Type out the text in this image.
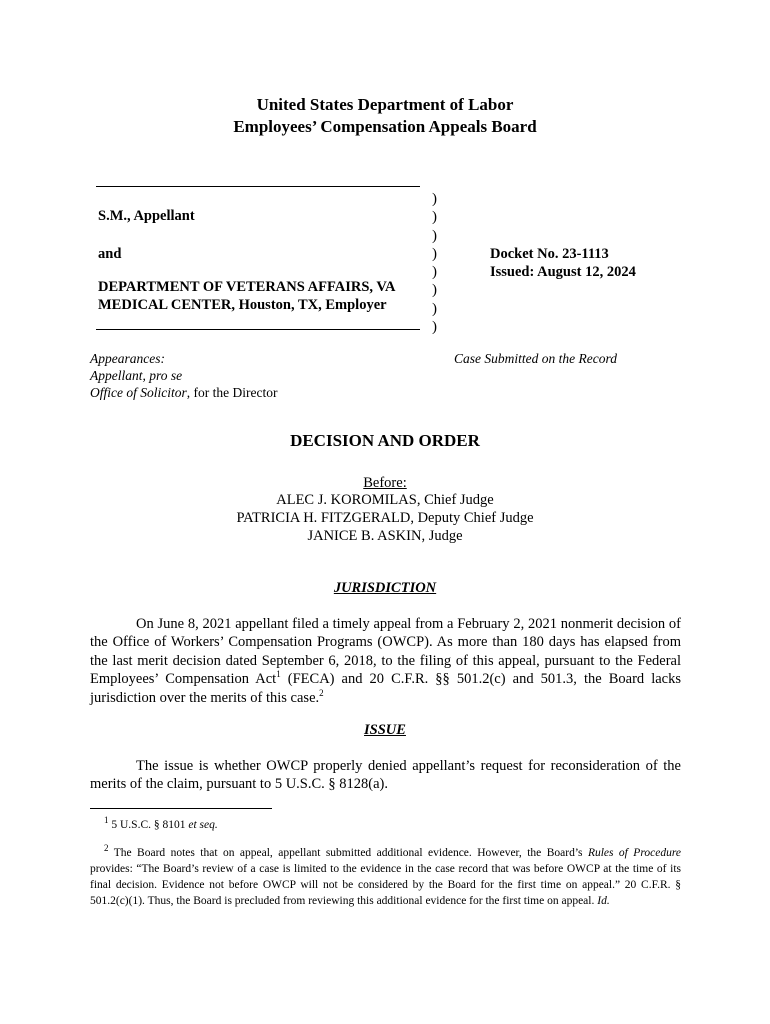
United States Department of Labor
Employees’ Compensation Appeals Board
S.M., Appellant
and
DEPARTMENT OF VETERANS AFFAIRS, VA
MEDICAL CENTER, Houston, TX, Employer
)
)
)
)
)
)
)
)
Docket No. 23-1113
Issued: August 12, 2024
Appearances:
Appellant, pro se
Office of Solicitor, for the Director
Case Submitted on the Record
DECISION AND ORDER
Before:
ALEC J. KOROMILAS, Chief Judge
PATRICIA H. FITZGERALD, Deputy Chief Judge
JANICE B. ASKIN, Judge
JURISDICTION
On June 8, 2021 appellant filed a timely appeal from a February 2, 2021 nonmerit decision of the Office of Workers’ Compensation Programs (OWCP). As more than 180 days has elapsed from the last merit decision dated September 6, 2018, to the filing of this appeal, pursuant to the Federal Employees’ Compensation Act$^1$ (FECA) and 20 C.F.R. §§ 501.2(c) and 501.3, the Board lacks jurisdiction over the merits of this case.$^2$
ISSUE
The issue is whether OWCP properly denied appellant’s request for reconsideration of the merits of the claim, pursuant to 5 U.S.C. § 8128(a).
$^1$ 5 U.S.C. § 8101 et seq.
$^2$ The Board notes that on appeal, appellant submitted additional evidence. However, the Board’s Rules of Procedure provides: “The Board’s review of a case is limited to the evidence in the case record that was before OWCP at the time of its final decision. Evidence not before OWCP will not be considered by the Board for the first time on appeal.” 20 C.F.R. § 501.2(c)(1). Thus, the Board is precluded from reviewing this additional evidence for the first time on appeal. Id.
